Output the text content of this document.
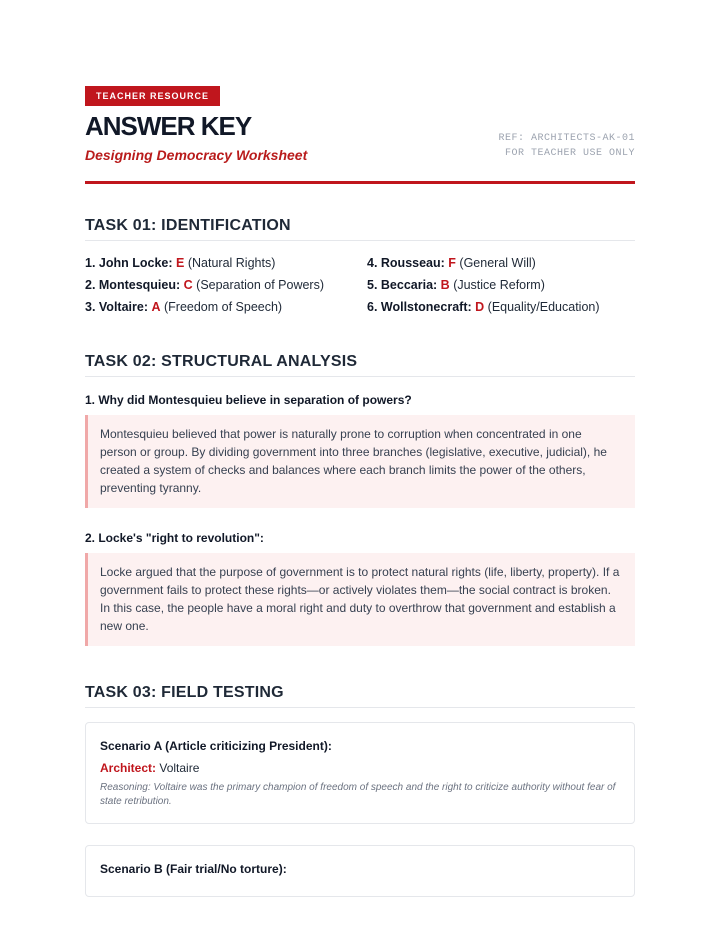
TEACHER RESOURCE
ANSWER KEY
Designing Democracy Worksheet
REF: ARCHITECTS-AK-01
FOR TEACHER USE ONLY
TASK 01: IDENTIFICATION
1. John Locke: E (Natural Rights)	4. Rousseau: F (General Will)
2. Montesquieu: C (Separation of Powers)	5. Beccaria: B (Justice Reform)
3. Voltaire: A (Freedom of Speech)	6. Wollstonecraft: D (Equality/Education)
TASK 02: STRUCTURAL ANALYSIS
1. Why did Montesquieu believe in separation of powers?
Montesquieu believed that power is naturally prone to corruption when concentrated in one person or group. By dividing government into three branches (legislative, executive, judicial), he created a system of checks and balances where each branch limits the power of the others, preventing tyranny.
2. Locke's "right to revolution":
Locke argued that the purpose of government is to protect natural rights (life, liberty, property). If a government fails to protect these rights—or actively violates them—the social contract is broken. In this case, the people have a moral right and duty to overthrow that government and establish a new one.
TASK 03: FIELD TESTING
Scenario A (Article criticizing President):
Architect: Voltaire
Reasoning: Voltaire was the primary champion of freedom of speech and the right to criticize authority without fear of state retribution.
Scenario B (Fair trial/No torture):
